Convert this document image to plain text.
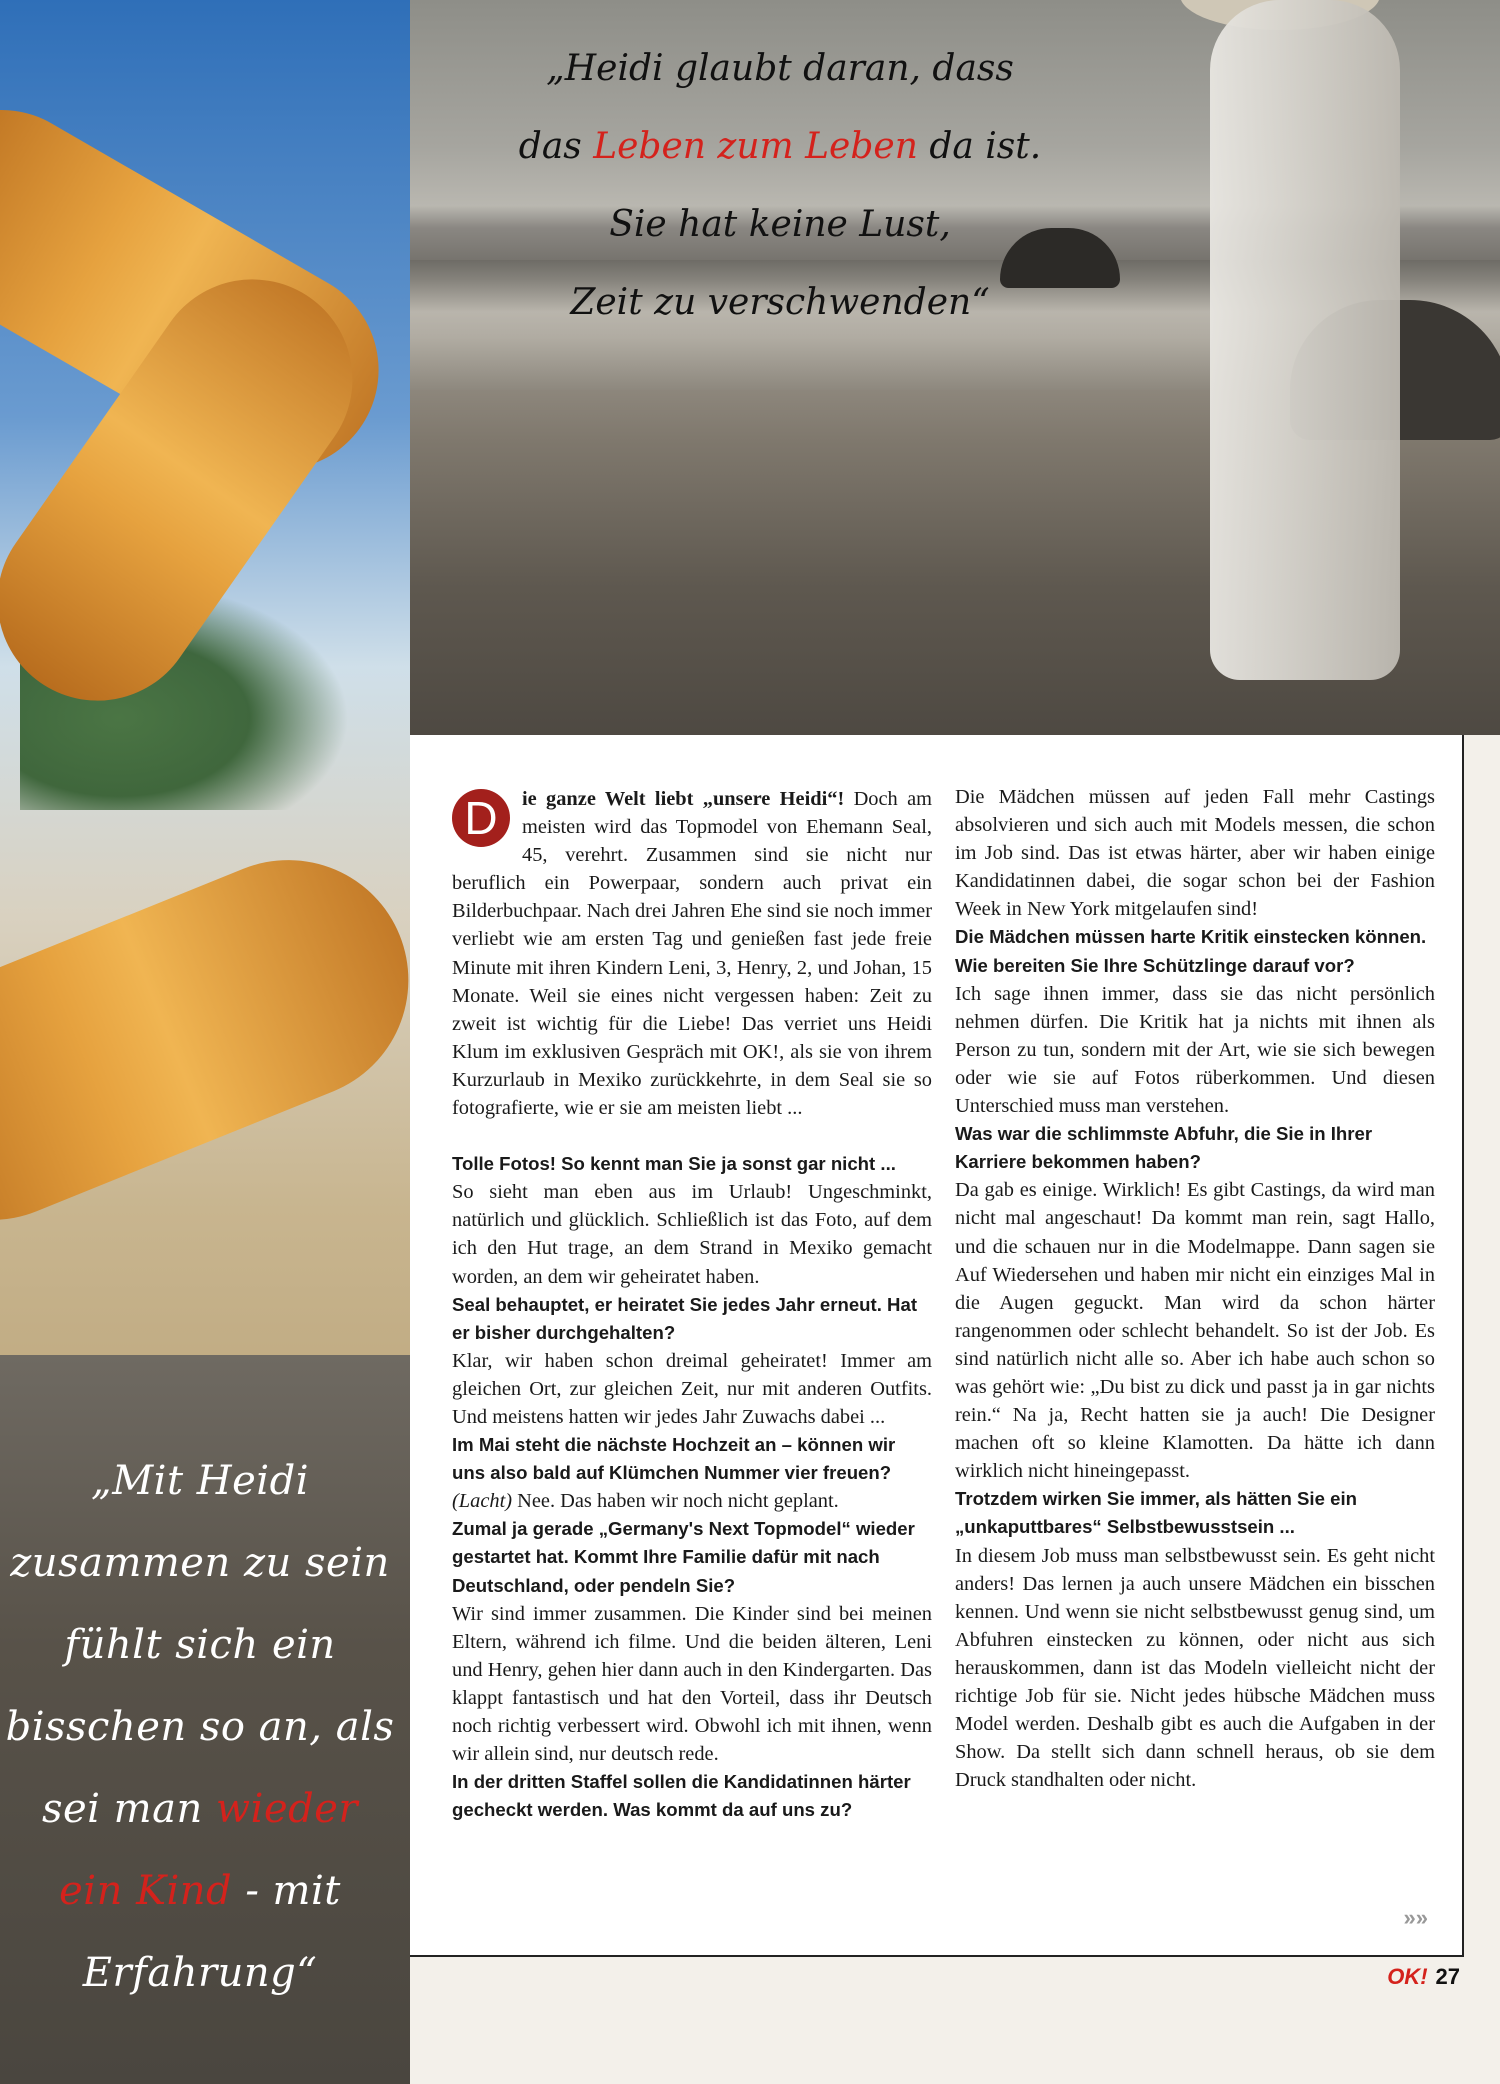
„Mit Heidi
zusammen zu sein
fühlt sich ein
bisschen so an, als
sei man wieder
ein Kind - mit
Erfahrung“
„Heidi glaubt daran, dass
das Leben zum Leben da ist.
Sie hat keine Lust,
Zeit zu verschwenden“

D	ie ganze Welt liebt „unsere Heidi“! Doch am meisten wird das Topmodel von Ehemann Seal, 45, verehrt. Zusammen sind sie nicht nur beruflich ein Powerpaar, sondern auch privat ein Bilderbuchpaar. Nach drei Jahren Ehe sind sie noch immer verliebt wie am ersten Tag und genießen fast jede freie Minute mit ihren Kindern Leni, 3, Henry, 2, und Johan, 15 Monate. Weil sie eines nicht vergessen haben: Zeit zu zweit ist wichtig für die Liebe! Das verriet uns Heidi Klum im exklusiven Gespräch mit OK!, als sie von ihrem Kurzurlaub in Mexiko zurückkehrte, in dem Seal sie so fotografierte, wie er sie am meisten liebt ...

Tolle Fotos! So kennt man Sie ja sonst gar nicht ...

So sieht man eben aus im Urlaub! Ungeschminkt, natürlich und glücklich. Schließlich ist das Foto, auf dem ich den Hut trage, an dem Strand in Mexiko gemacht worden, an dem wir geheiratet haben.

Seal behauptet, er heiratet Sie jedes Jahr erneut. Hat er bisher durchgehalten?

Klar, wir haben schon dreimal geheiratet! Immer am gleichen Ort, zur gleichen Zeit, nur mit anderen Outfits. Und meistens hatten wir jedes Jahr Zuwachs dabei ...

Im Mai steht die nächste Hochzeit an – können wir uns also bald auf Klümchen Nummer vier freuen?

(Lacht) Nee. Das haben wir noch nicht geplant.

Zumal ja gerade „Germany's Next Topmodel“ wieder gestartet hat. Kommt Ihre Familie dafür mit nach Deutschland, oder pendeln Sie?

Wir sind immer zusammen. Die Kinder sind bei meinen Eltern, während ich filme. Und die beiden älteren, Leni und Henry, gehen hier dann auch in den Kindergarten. Das klappt fantastisch und hat den Vorteil, dass ihr Deutsch noch richtig verbessert wird. Obwohl ich mit ihnen, wenn wir allein sind, nur deutsch rede.

In der dritten Staffel sollen die Kandidatinnen härter gecheckt werden. Was kommt da auf uns zu?

Die Mädchen müssen auf jeden Fall mehr Castings absolvieren und sich auch mit Models messen, die schon im Job sind. Das ist etwas härter, aber wir haben einige Kandidatinnen dabei, die sogar schon bei der Fashion Week in New York mitgelaufen sind!

Die Mädchen müssen harte Kritik einstecken können. Wie bereiten Sie Ihre Schützlinge darauf vor?

Ich sage ihnen immer, dass sie das nicht persönlich nehmen dürfen. Die Kritik hat ja nichts mit ihnen als Person zu tun, sondern mit der Art, wie sie sich bewegen oder wie sie auf Fotos rüberkommen. Und diesen Unterschied muss man verstehen.

Was war die schlimmste Abfuhr, die Sie in Ihrer Karriere bekommen haben?

Da gab es einige. Wirklich! Es gibt Castings, da wird man nicht mal angeschaut! Da kommt man rein, sagt Hallo, und die schauen nur in die Modelmappe. Dann sagen sie Auf Wiedersehen und haben mir nicht ein einziges Mal in die Augen geguckt. Man wird da schon härter rangenommen oder schlecht behandelt. So ist der Job. Es sind natürlich nicht alle so. Aber ich habe auch schon so was gehört wie: „Du bist zu dick und passt ja in gar nichts rein.“ Na ja, Recht hatten sie ja auch! Die Designer machen oft so kleine Klamotten. Da hätte ich dann wirklich nicht hineingepasst.

Trotzdem wirken Sie immer, als hätten Sie ein „unkaputtbares“ Selbstbewusstsein ...

In diesem Job muss man selbstbewusst sein. Es geht nicht anders! Das lernen ja auch unsere Mädchen ein bisschen kennen. Und wenn sie nicht selbstbewusst genug sind, um Abfuhren einstecken zu können, oder nicht aus sich herauskommen, dann ist das Modeln vielleicht nicht der richtige Job für sie. Nicht jedes hübsche Mädchen muss Model werden. Deshalb gibt es auch die Aufgaben in der Show. Da stellt sich dann schnell heraus, ob sie dem Druck standhalten oder nicht.

»»
OK! 27
